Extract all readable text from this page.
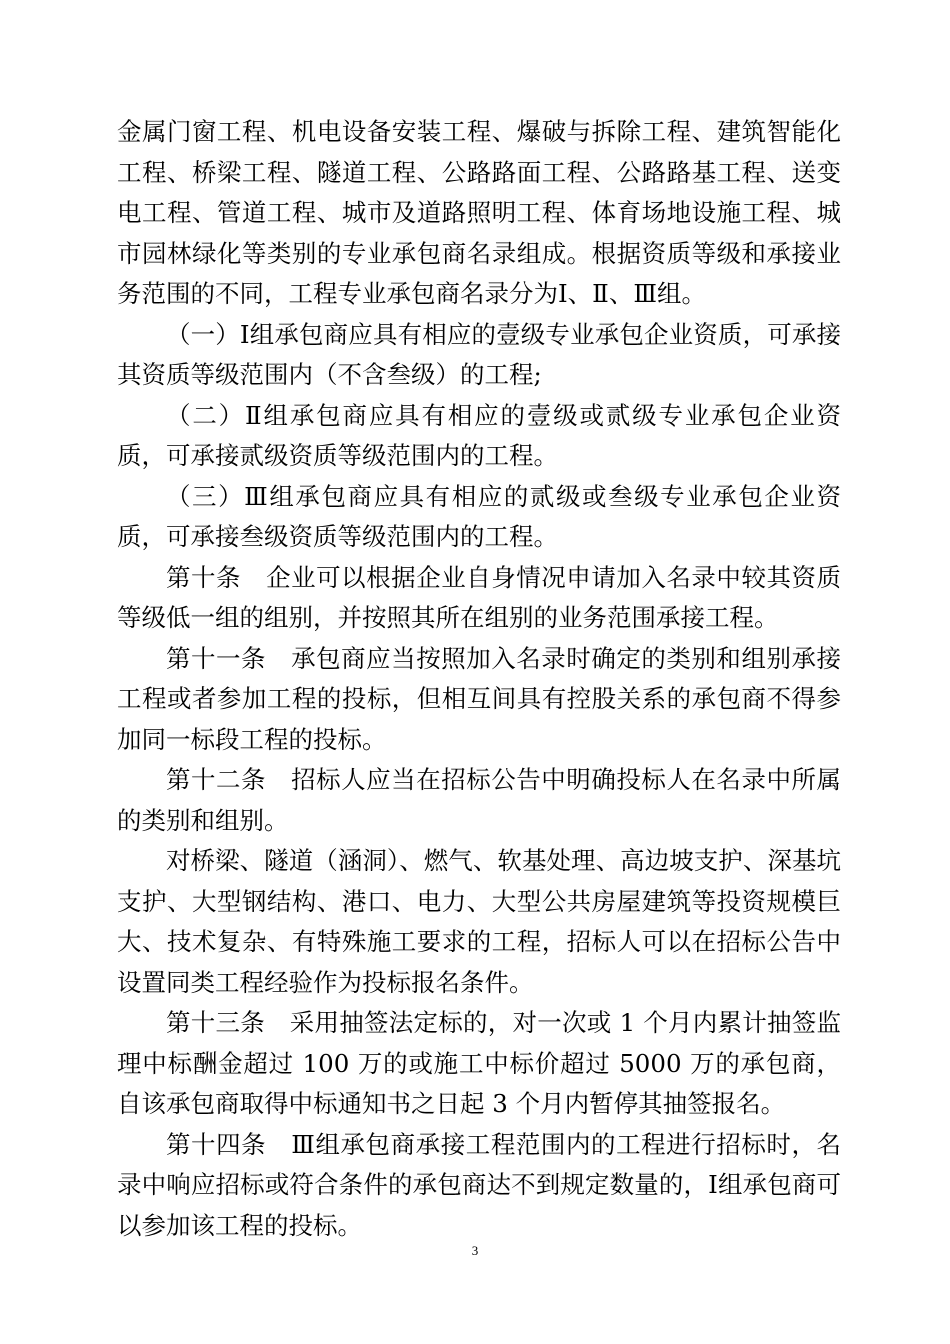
金属门窗工程、机电设备安装工程、爆破与拆除工程、建筑智能化工程、桥梁工程、隧道工程、公路路面工程、公路路基工程、送变电工程、管道工程、城市及道路照明工程、体育场地设施工程、城市园林绿化等类别的专业承包商名录组成。根据资质等级和承接业务范围的不同，工程专业承包商名录分为Ⅰ、Ⅱ、Ⅲ组。

（一）Ⅰ组承包商应具有相应的壹级专业承包企业资质，可承接其资质等级范围内（不含叁级）的工程;

（二）Ⅱ组承包商应具有相应的壹级或贰级专业承包企业资质，可承接贰级资质等级范围内的工程。

（三）Ⅲ组承包商应具有相应的贰级或叁级专业承包企业资质，可承接叁级资质等级范围内的工程。

第十条　企业可以根据企业自身情况申请加入名录中较其资质等级低一组的组别，并按照其所在组别的业务范围承接工程。

第十一条　承包商应当按照加入名录时确定的类别和组别承接工程或者参加工程的投标，但相互间具有控股关系的承包商不得参加同一标段工程的投标。

第十二条　招标人应当在招标公告中明确投标人在名录中所属的类别和组别。

对桥梁、隧道（涵洞）、燃气、软基处理、高边坡支护、深基坑支护、大型钢结构、港口、电力、大型公共房屋建筑等投资规模巨大、技术复杂、有特殊施工要求的工程，招标人可以在招标公告中设置同类工程经验作为投标报名条件。

第十三条　采用抽签法定标的，对一次或 1 个月内累计抽签监理中标酬金超过 100 万的或施工中标价超过 5000 万的承包商，自该承包商取得中标通知书之日起 3 个月内暂停其抽签报名。

第十四条　Ⅲ组承包商承接工程范围内的工程进行招标时，名录中响应招标或符合条件的承包商达不到规定数量的，Ⅰ组承包商可以参加该工程的投标。

3
